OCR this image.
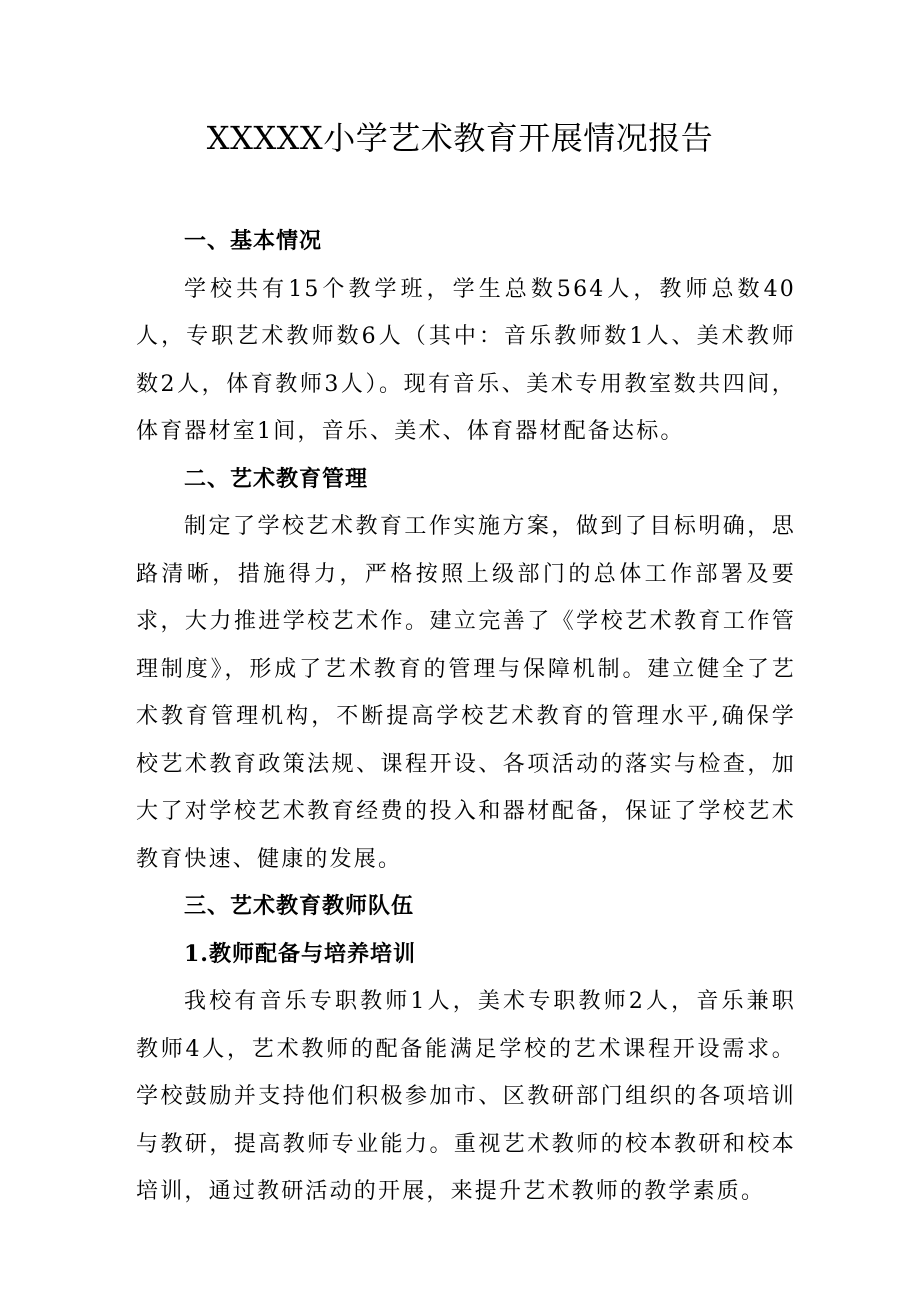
XXXXX小学艺术教育开展情况报告

一、基本情况

学校共有15个教学班，学生总数564人，教师总数40人，专职艺术教师数6人（其中：音乐教师数1人、美术教师数2人，体育教师3人）。现有音乐、美术专用教室数共四间，体育器材室1间，音乐、美术、体育器材配备达标。

二、艺术教育管理

制定了学校艺术教育工作实施方案，做到了目标明确，思路清晰，措施得力，严格按照上级部门的总体工作部署及要求，大力推进学校艺术作。建立完善了《学校艺术教育工作管理制度》，形成了艺术教育的管理与保障机制。建立健全了艺术教育管理机构，不断提高学校艺术教育的管理水平,确保学校艺术教育政策法规、课程开设、各项活动的落实与检查，加大了对学校艺术教育经费的投入和器材配备，保证了学校艺术教育快速、健康的发展。

三、艺术教育教师队伍

1.教师配备与培养培训

我校有音乐专职教师1人，美术专职教师2人，音乐兼职教师4人，艺术教师的配备能满足学校的艺术课程开设需求。学校鼓励并支持他们积极参加市、区教研部门组织的各项培训与教研，提高教师专业能力。重视艺术教师的校本教研和校本培训，通过教研活动的开展，来提升艺术教师的教学素质。
